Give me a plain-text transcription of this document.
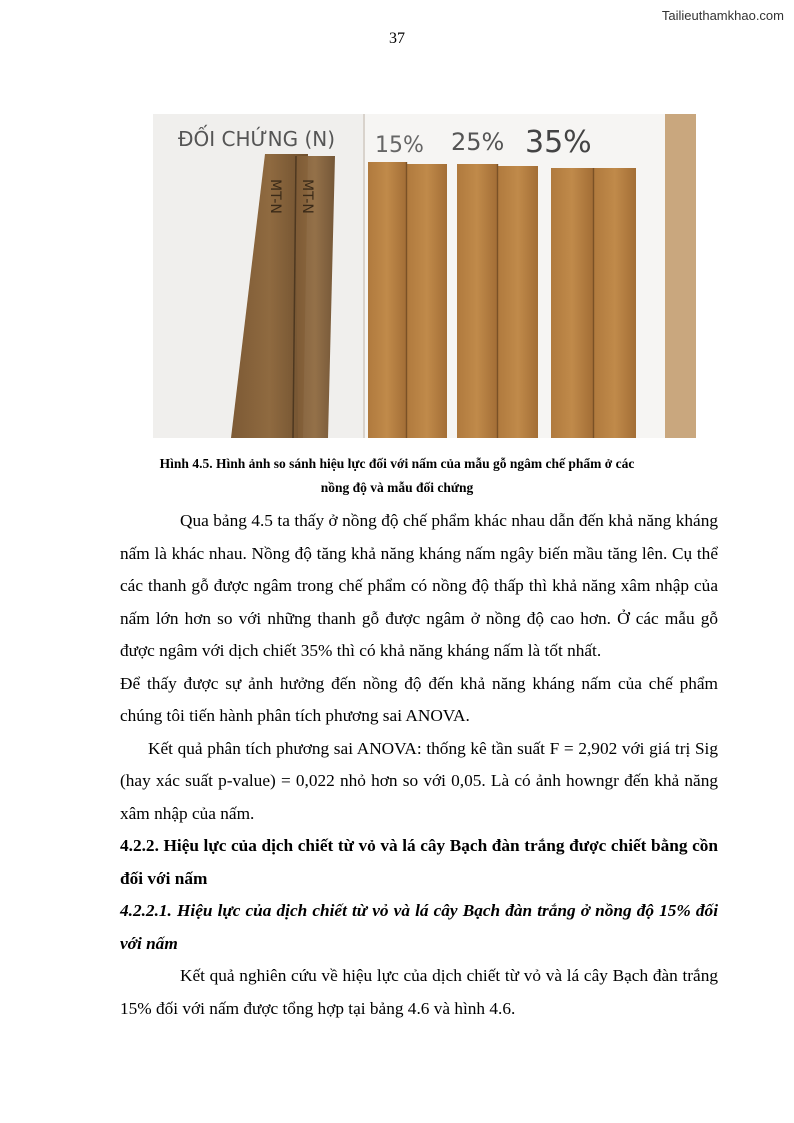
Tailieuthamkhao.com
37
ĐỐI CHỨNG (N) 15% 25% 35%
MT-N MT-N
Hình 4.5. Hình ảnh so sánh hiệu lực đối với nấm của mẫu gỗ ngâm chế phẩm ở các
nồng độ và mẫu đối chứng

Qua bảng 4.5 ta thấy ở nồng độ chế phẩm khác nhau dẫn đến khả năng kháng nấm là khác nhau. Nồng độ tăng khả năng kháng nấm ngây biến mầu tăng lên. Cụ thể các thanh gỗ được ngâm trong chế phẩm có nồng độ thấp thì khả năng xâm nhập của nấm lớn hơn so với những thanh gỗ được ngâm ở nồng độ cao hơn. Ở các mẫu gỗ được ngâm với dịch chiết 35% thì có khả năng kháng nấm là tốt nhất.

Để thấy được sự ảnh hưởng đến nồng độ đến khả năng kháng nấm của chế phẩm chúng tôi tiến hành phân tích phương sai ANOVA.

Kết quả phân tích phương sai ANOVA: thống kê tần suất F = 2,902 với giá trị Sig (hay xác suất p-value) = 0,022 nhỏ hơn so với 0,05. Là có ảnh howngr đến khả năng xâm nhập của nấm.

4.2.2. Hiệu lực của dịch chiết từ vỏ và lá cây Bạch đàn trắng được chiết bằng cồn đối với nấm

4.2.2.1. Hiệu lực của dịch chiết từ vỏ và lá cây Bạch đàn trắng ở nồng độ 15% đối với nấm

Kết quả nghiên cứu về hiệu lực của dịch chiết từ vỏ và lá cây Bạch đàn trắng 15% đối với nấm được tổng hợp tại bảng 4.6 và hình 4.6.
